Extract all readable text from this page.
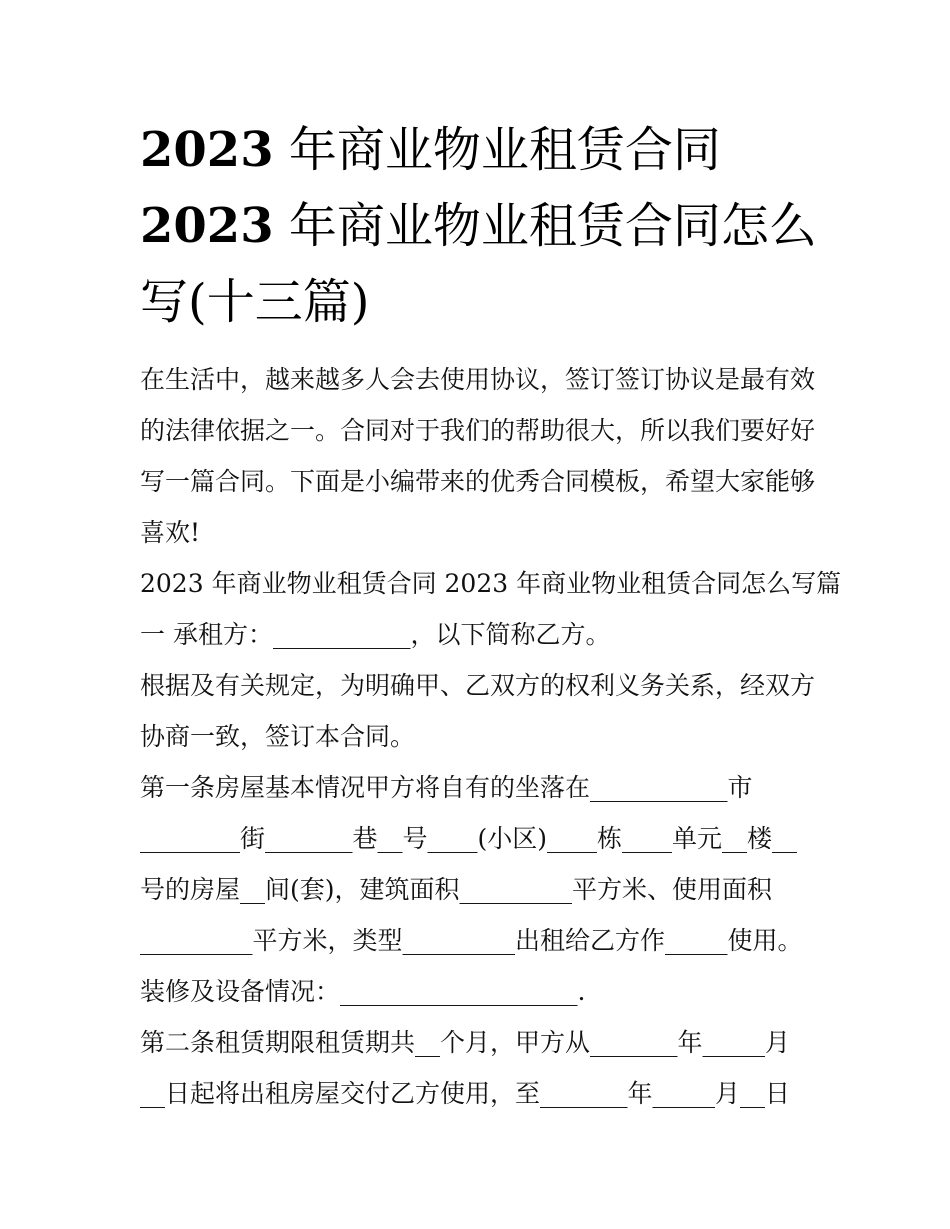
2023 年商业物业租赁合同
2023 年商业物业租赁合同怎么
写(十三篇)
在生活中，越来越多人会去使用协议，签订签订协议是最有效
的法律依据之一。合同对于我们的帮助很大，所以我们要好好
写一篇合同。下面是小编带来的优秀合同模板，希望大家能够
喜欢!
2023 年商业物业租赁合同 2023 年商业物业租赁合同怎么写篇
一 承租方：___________，以下简称乙方。
根据及有关规定，为明确甲、乙双方的权利义务关系，经双方
协商一致，签订本合同。
第一条房屋基本情况甲方将自有的坐落在___________市
________街_______巷__号____(小区)____栋____单元__楼__
号的房屋__间(套)，建筑面积_________平方米、使用面积
_________平方米，类型_________出租给乙方作_____使用。
装修及设备情况：___________________.
第二条租赁期限租赁期共__个月，甲方从_______年_____月
__日起将出租房屋交付乙方使用，至_______年_____月__日
